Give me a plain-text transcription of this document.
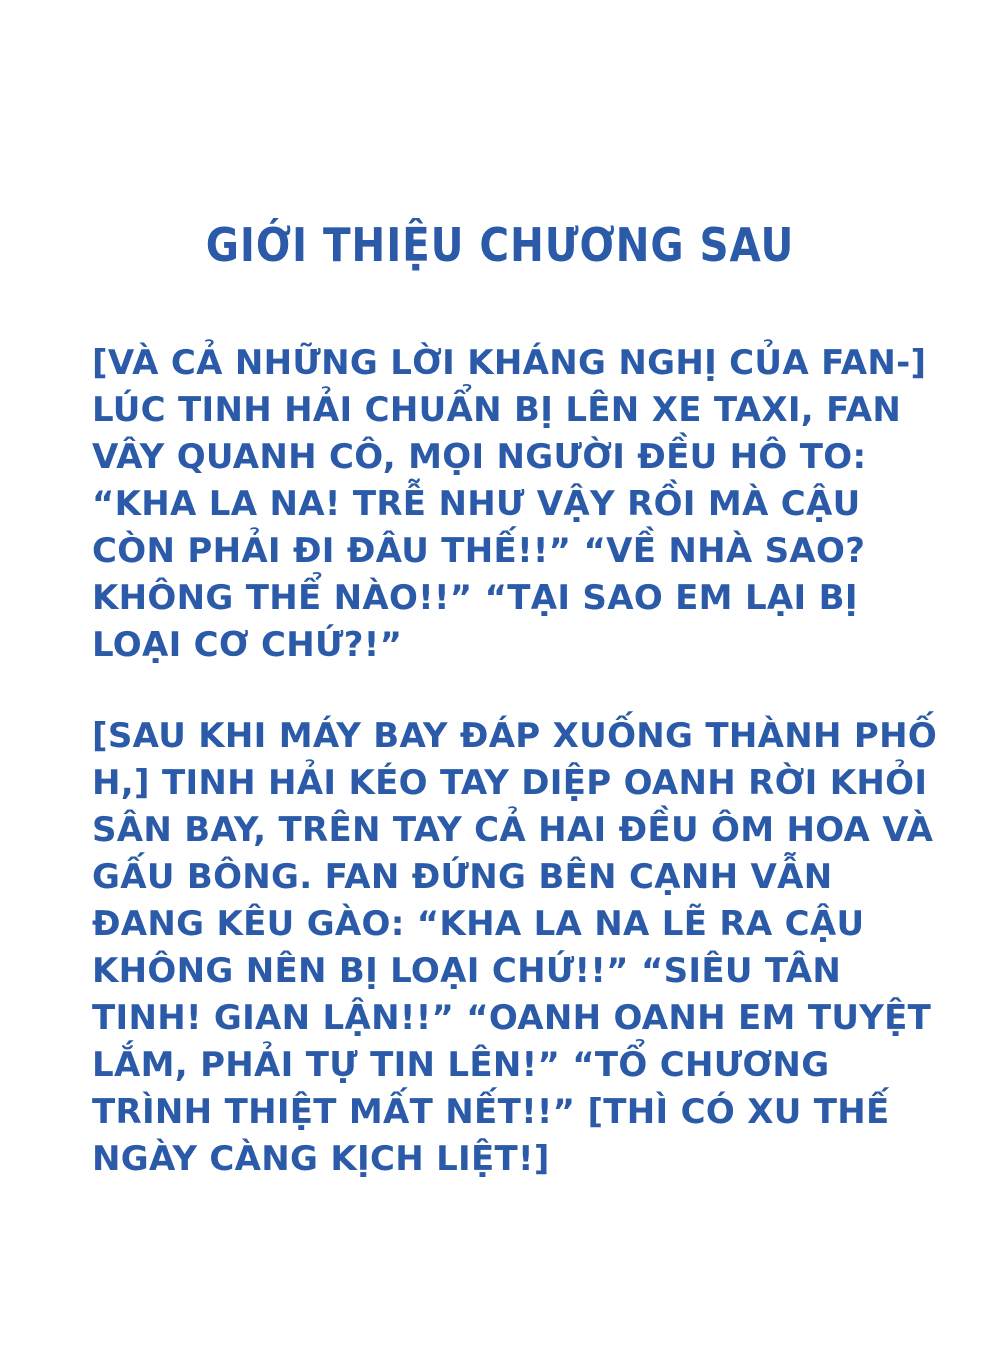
GIỚI THIỆU CHƯƠNG SAU

[VÀ CẢ NHỮNG LỜI KHÁNG NGHỊ CỦA FAN-] LÚC TINH HẢI CHUẨN BỊ LÊN XE TAXI, FAN VÂY QUANH CÔ, MỌI NGƯỜI ĐỀU HÔ TO: “KHA LA NA! TRỄ NHƯ VẬY RỒI MÀ CẬU CÒN PHẢI ĐI ĐÂU THẾ!!” “VỀ NHÀ SAO? KHÔNG THỂ NÀO!!” “TẠI SAO EM LẠI BỊ LOẠI CƠ CHỨ?!”

[SAU KHI MÁY BAY ĐÁP XUỐNG THÀNH PHỐ H,] TINH HẢI KÉO TAY DIỆP OANH RỜI KHỎI SÂN BAY, TRÊN TAY CẢ HAI ĐỀU ÔM HOA VÀ GẤU BÔNG. FAN ĐỨNG BÊN CẠNH VẪN ĐANG KÊU GÀO: “KHA LA NA LẼ RA CẬU KHÔNG NÊN BỊ LOẠI CHỨ!!” “SIÊU TÂN TINH! GIAN LẬN!!” “OANH OANH EM TUYỆT LẮM, PHẢI TỰ TIN LÊN!” “TỔ CHƯƠNG TRÌNH THIỆT MẤT NẾT!!” [THÌ CÓ XU THẾ NGÀY CÀNG KỊCH LIỆT!]
